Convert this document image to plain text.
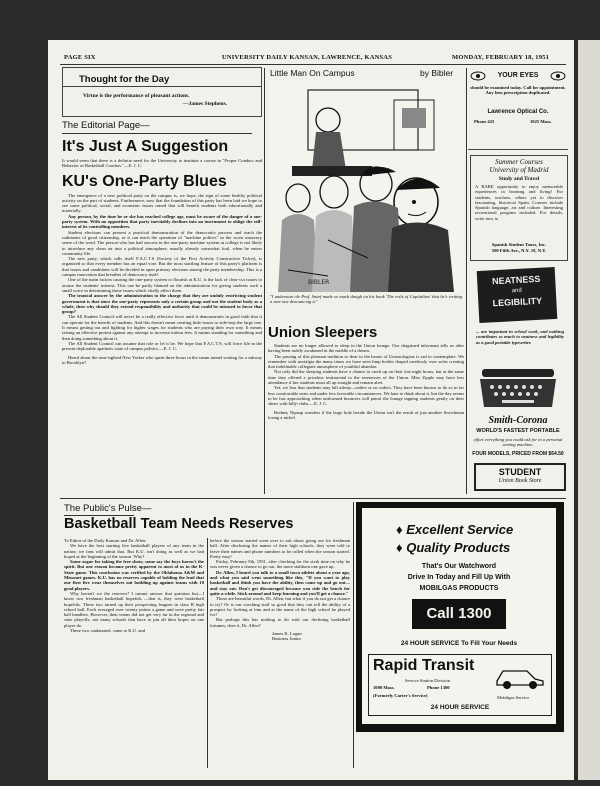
PAGE SIX	UNIVERSITY DAILY KANSAN, LAWRENCE, KANSAS	MONDAY, FEBRUARY 18, 1951
Thought for the Day
Virtue is the performance of pleasant actions.
—James Stephens.
Little Man On Campus	by Bibler
BIBLER
"I understan ole Prof. Snarf made so much dough on his book 'The evils of Capitalism' that he's writing a new one denouncing it."
The Editorial Page—
It's Just A Suggestion
It would seem that there is a definite need for the University to institute a course in "Proper Conduct and Behavior of Basketball Coaches."—E. J. C.
KU's One-Party Blues
The emergence of a new political party on the campus is, we hope, the sign of some healthy political activity on the part of students. Furthermore, now that the foundation of this party has been laid we hope to see some political, social, and economic issues raised that will benefit students both educationally and materially.
Any person, by the time he or she has reached college age, must be aware of the danger of a one-party system. With no opposition that party inevitably declines into an instrument to oblige the self-interest of its controlling members.
Student elections can present a practical demonstration of the democratic process and teach the rudiments of good citizenship, or it can teach the operation of "machine politics" in the worst unsavory sense of the word. The person who has had success in the one-party machine system at college is not likely to introduce any clean air into a political atmosphere, usually already somewhat foul, when he enters community life.
The new party, which calls itself F.A.C.T.S (Society of the First Activity Constructive Ticket), is organized so that every member has an equal vote. But the most startling feature of this party's platform is that issues and candidates will be decided in open primary elections among the party membership. This is a campus innovation that breathes of democracy itself.
One of the main factors causing the one-party system to flourish at K.U. is the lack of clear-cut issues to arouse the students' interest. This can be partly blamed on the administration for giving students such a small voice in determining those issues which vitally affect them.
The ironical answer by the administration to the charge that they are unduly restricting student government is that since the one-party represents only a certain group and not the student body as a whole, then why should they extend responsibility and authority that could be misused to favor that group?
The All Student Council will never be a really effective force until it demonstrates in good faith that it can operate for the benefit of students. And this doesn't mean creating little issues to side-step the large one. It means getting out and fighting for higher wages for students who are paying their own way. It means raising an effective protest against any attempt to increase tuition fees. It means standing for something and then doing something about it.
The All Student Council can assume that role or let it lie. We hope that F.A.C.T.S. will force life in the present deplorable apathetic state of campus politics.—E. J. C.
Heard about the near-sighted New Yorker who spent three hours in the steam tunnel waiting for a subway to Brooklyn?
Union Sleepers
Students are no longer allowed to sleep in the Union lounge. Our chagrined informant tells us after having been rudely awakened in the middle of a dream.
The passing of this pleasant tradition so dear to the hearts of Unionologists is sad to contemplate. We remember with nostalgia the many times we have seen limp bodies draped carelessly over sofas creating that indefinable collegiate atmosphere of youthful abandon.
Not only did the sleeping students have a chance to catch up on their lost night hours, but at the same time they offered a priceless testimonial to the serenesses of the Union. Miss Zipple may have less attendance if her students must all up straight and remain alert.
Yet, we fear that students may fall asleep—orders or no orders. They have been known to do so in far less comfortable seats and under less favorable circumstances. We hate to think about it, but the day seems to be fast approaching when uniformed bouncers will patrol the lounge tapping students gently on their shoes with billy-clubs.—E. J. C.
Rodney Nipsup wonders if the large hole beside the Union isn't the result of just another Scotchman losing a nickel.
YOUR EYES
should be examined today. Call for appointment. Any lens prescription duplicated.
Lawrence Optical Co.
Phone 425	1025 Mass.
Summer Courses
University of Madrid
Study and Travel
A RARE opportunity to enjoy memorable experiences in learning and living! For students, teachers, others yet to discover fascinating, historical Spain. Courses include Spanish language, art and culture. Interesting recreational program included. For details, write now to
Spanish Student Tours, Inc.
500 Fifth Ave., N.Y. 18, N.Y.
NEATNESS
and
LEGIBILITY
... are important in school work, and nothing contributes so much to neatness and legibility as a good portable typewriter.
Smith-Corona
WORLD'S FASTEST PORTABLE
effort everything you could ask for in a personal writing machine.
FOUR MODELS, PRICED FROM $64.50
STUDENT
Union Book Store
The Public's Pulse—
Basketball Team Needs Reserves
To Editor of the Daily Kansan and Dr. Allen:
We have the best starting five basketball players of any team in the nation; we fans will admit that. But K.U. isn't doing as well as we had hoped at the beginning of the season. Why?
Some argue for taking the free shots; some say the boys haven't the spirit. But one reason became pretty apparent to most of us in the K-State game. This conclusion was verified by the Oklahoma A&M and Missouri games. K.U. has no reserves capable of holding the lead that our first five wear themselves out building up against teams with 10 good players.
Why haven't we the reserves? I cannot answer that question but—I know two freshman basketball hopefuls —that is, they were basketball hopefuls. These two turned up their prospecting leagues in class B high school ball. Each averaged over twenty points a game and were pretty fair ball handlers. However, their teams did not get very far in the regional and state playoffs, not many schools that have to pin all their hopes on one player do.
These two, undaunted, came to K.U. and
before the season started went over to ask about going out for freshman ball. After disclosing the names of their high schools, they were told to leave their names and phone numbers to be called when the season started. Pretty easy!
Friday, February 9th, 1951, after checking for the sixth time on why he was never given a chance to go out, the more stubborn one gave up.
Dr. Allen, I heard you talk to a small town athlete about a year ago, and what you said went something like this, "If you want to play basketball and think you have the ability, then come up and go out—and stay out. Don't get discouraged because you ride the bench for quite a while. Stick around and keep learning and you'll get a chance."
Those are beautiful words, Dr. Allen, but what if you do not get a chance to try? Or is our coaching staff so good that they can tell the ability of a prospect by looking at him and at the name of the high school he played for?
But perhaps this has nothing to do with our declining basketball fortunes, does it, Dr. Allen?
James K. Logan
Business Junior
♦ Excellent Service
♦ Quality Products
That's Our Watchword
Drive In Today and Fill Up With
MOBILGAS PRODUCTS
Call 1300
24 HOUR SERVICE To Fill Your Needs
Rapid Transit
Service Station Division
1000 Mass.	Phone 1300
(Formerly Carter's Service)	Mobilgas Service
24 HOUR SERVICE
